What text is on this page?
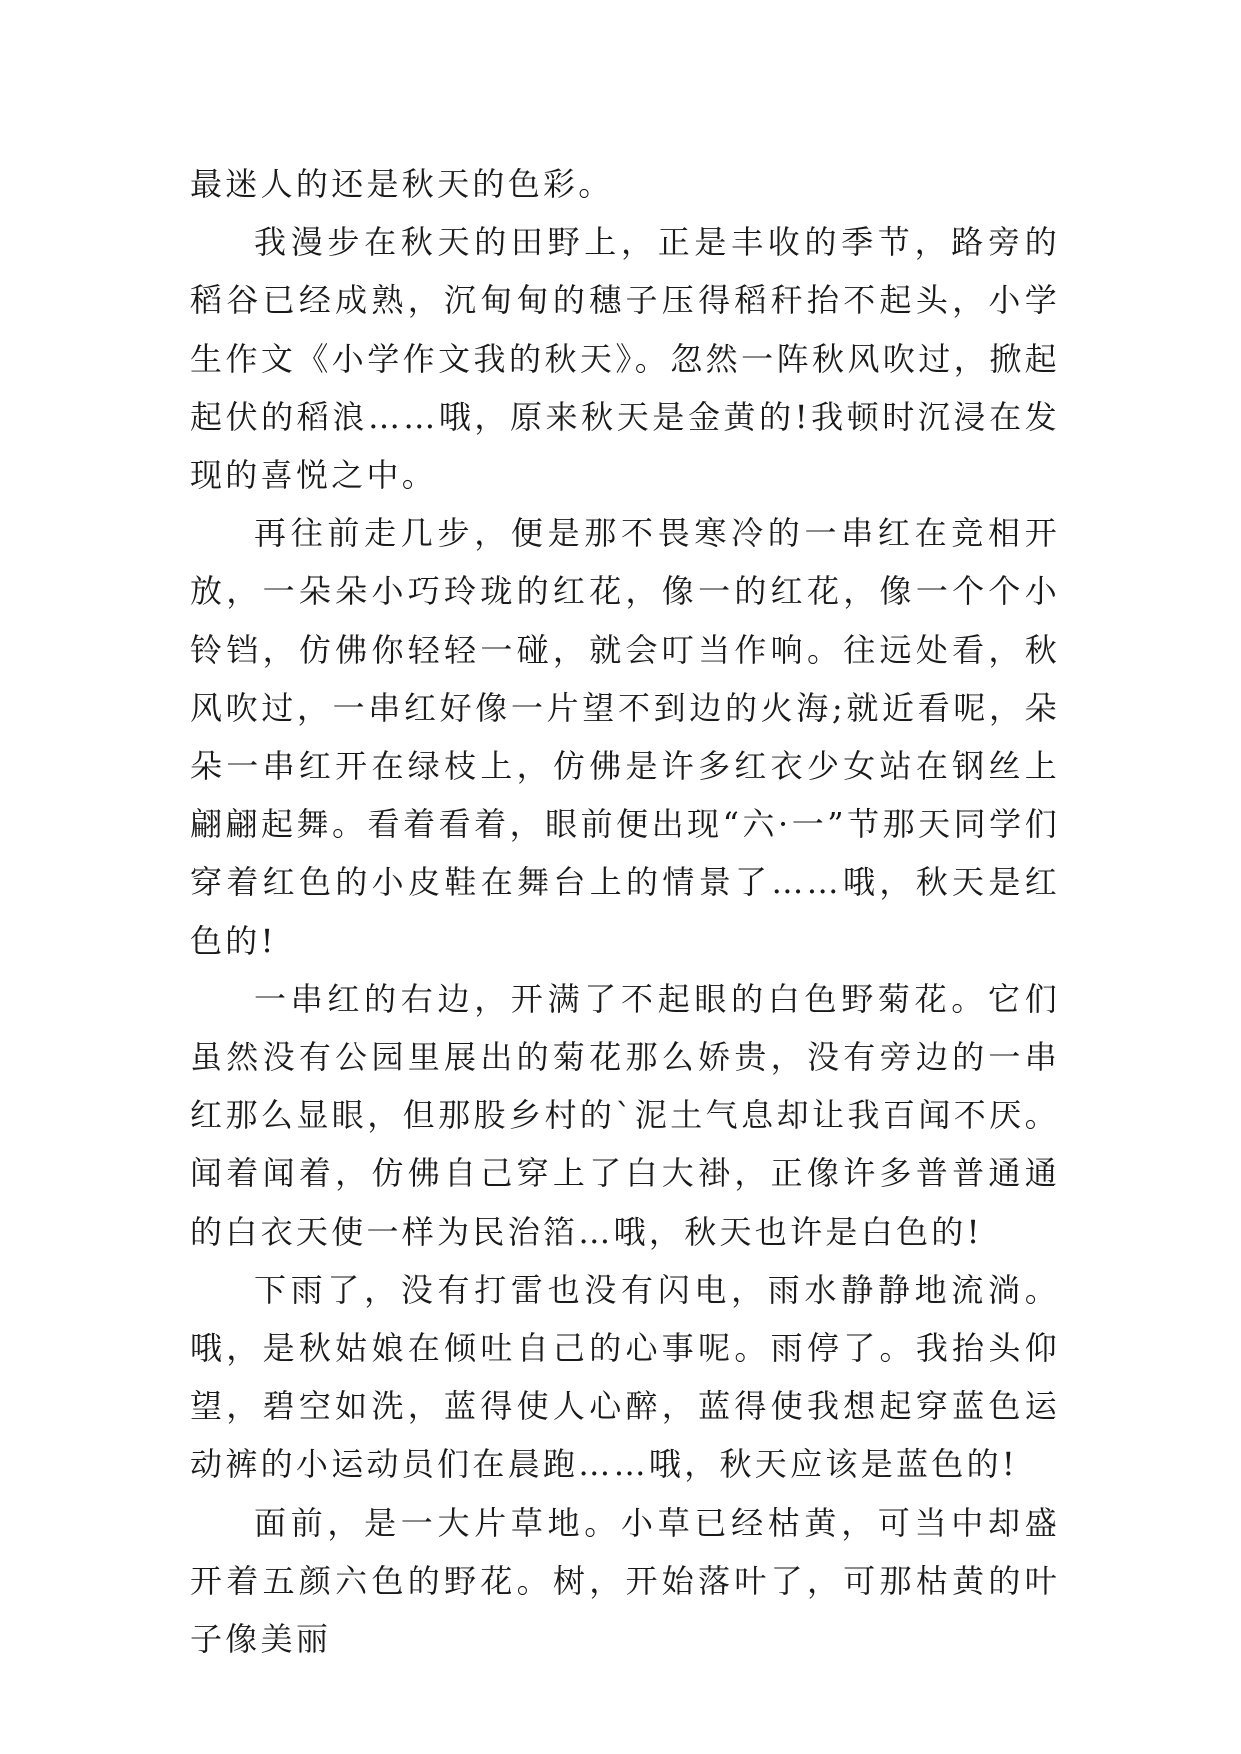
最迷人的还是秋天的色彩。

我漫步在秋天的田野上，正是丰收的季节，路旁的稻谷已经成熟，沉甸甸的穗子压得稻秆抬不起头，小学生作文《小学作文我的秋天》。忽然一阵秋风吹过，掀起起伏的稻浪……哦，原来秋天是金黄的!我顿时沉浸在发现的喜悦之中。

再往前走几步，便是那不畏寒冷的一串红在竞相开放，一朵朵小巧玲珑的红花，像一的红花，像一个个小铃铛，仿佛你轻轻一碰，就会叮当作响。往远处看，秋风吹过，一串红好像一片望不到边的火海;就近看呢，朵朵一串红开在绿枝上，仿佛是许多红衣少女站在钢丝上翩翩起舞。看着看着，眼前便出现“六·一”节那天同学们穿着红色的小皮鞋在舞台上的情景了……哦，秋天是红色的!

一串红的右边，开满了不起眼的白色野菊花。它们虽然没有公园里展出的菊花那么娇贵，没有旁边的一串红那么显眼，但那股乡村的`泥土气息却让我百闻不厌。闻着闻着，仿佛自己穿上了白大褂，正像许多普普通通的白衣天使一样为民治箔…哦，秋天也许是白色的!

下雨了，没有打雷也没有闪电，雨水静静地流淌。哦，是秋姑娘在倾吐自己的心事呢。雨停了。我抬头仰望，碧空如洗，蓝得使人心醉，蓝得使我想起穿蓝色运动裤的小运动员们在晨跑……哦，秋天应该是蓝色的!

面前，是一大片草地。小草已经枯黄，可当中却盛开着五颜六色的野花。树，开始落叶了，可那枯黄的叶子像美丽
